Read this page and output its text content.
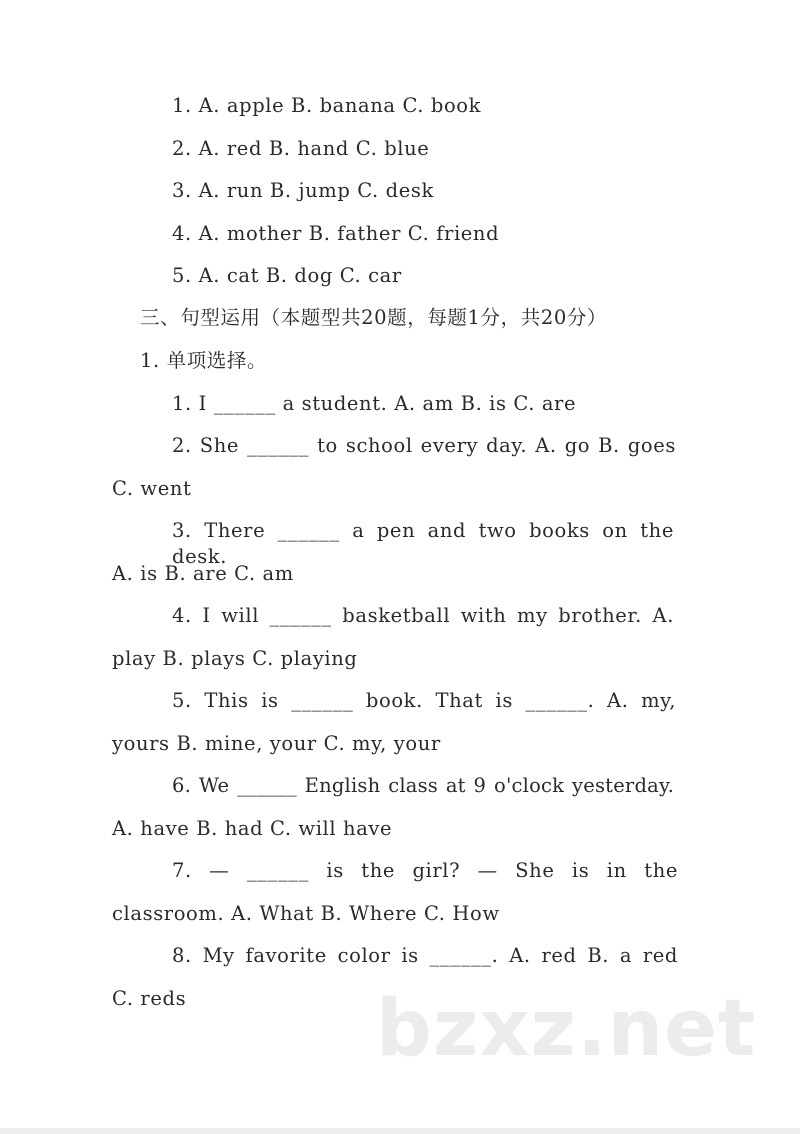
1. A. apple B. banana C. book
2. A. red B. hand C. blue
3. A. run B. jump C. desk
4. A. mother B. father C. friend
5. A. cat B. dog C. car
三、句型运用（本题型共20题，每题1分，共20分）
1. 单项选择。
1. I ______ a student. A. am B. is C. are
2. She ______ to school every day. A. go B. goes
C. went
3. There ______ a pen and two books on the desk.
A. is B. are C. am
4. I will ______ basketball with my brother. A.
play B. plays C. playing
5. This is ______ book. That is ______. A. my,
yours B. mine, your C. my, your
6. We ______ English class at 9 o'clock yesterday.
A. have B. had C. will have
7. — ______ is the girl? — She is in the
classroom. A. What B. Where C. How
8. My favorite color is ______. A. red B. a red
C. reds bzxz.net
